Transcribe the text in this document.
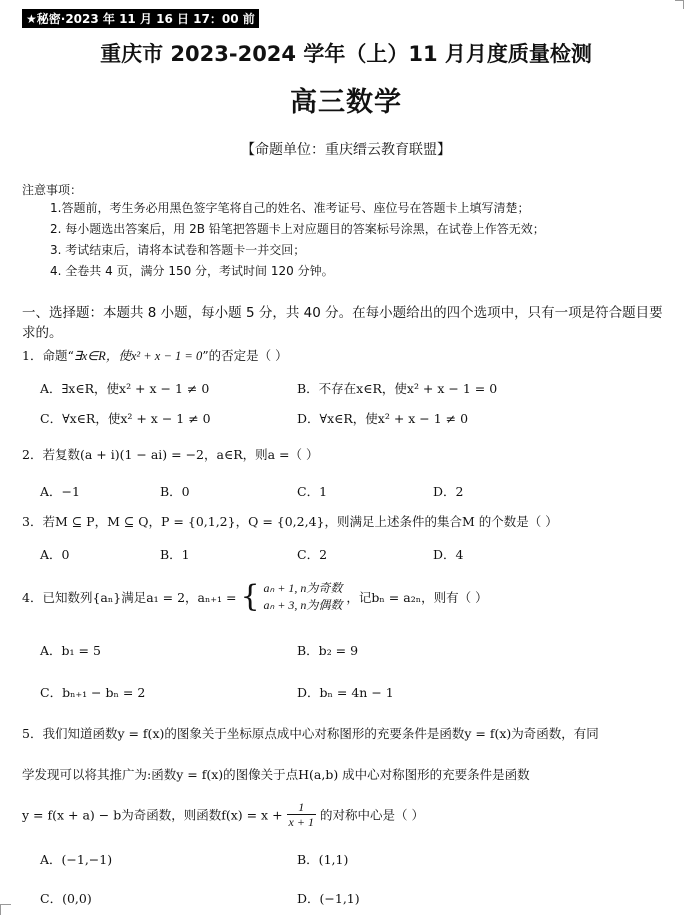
★秘密·2023 年 11 月 16 日 17：00 前
重庆市 2023-2024 学年（上）11 月月度质量检测
高三数学
【命题单位：重庆缙云教育联盟】
注意事项：
1.答题前，考生务必用黑色签字笔将自己的姓名、准考证号、座位号在答题卡上填写清楚；
2. 每小题选出答案后，用 2B 铅笔把答题卡上对应题目的答案标号涂黑，在试卷上作答无效；
3. 考试结束后，请将本试卷和答题卡一并交回；
4. 全卷共 4 页，满分 150 分，考试时间 120 分钟。
一、选择题：本题共 8 小题，每小题 5 分，共 40 分。在每小题给出的四个选项中，只有一项是符合题目要求的。
1．命题“∃x∈R，使x² + x − 1 = 0”的否定是（ ）
A．∃x∈R，使x² + x − 1 ≠ 0	B．不存在x∈R，使x² + x − 1 = 0
C．∀x∈R，使x² + x − 1 ≠ 0	D．∀x∈R，使x² + x − 1 ≠ 0
2．若复数(a + i)(1 − ai) = −2，a∈R，则a =（ ）
A．−1	B．0	C．1	D．2
3．若M ⊆ P，M ⊆ Q，P = {0,1,2}，Q = {0,2,4}，则满足上述条件的集合M 的个数是（ ）
A．0	B．1	C．2	D．4
4．已知数列{aₙ}满足a₁ = 2，aₙ₊₁ = { aₙ + 1, n为奇数
aₙ + 3, n为偶数 ，记bₙ = a₂ₙ，则有（ ）
A．b₁ = 5	B．b₂ = 9
C．bₙ₊₁ − bₙ = 2	D．bₙ = 4n − 1
5．我们知道函数y = f(x)的图象关于坐标原点成中心对称图形的充要条件是函数y = f(x)为奇函数，有同
学发现可以将其推广为:函数y = f(x)的图像关于点H(a,b) 成中心对称图形的充要条件是函数
y = f(x + a) − b为奇函数，则函数$f(x) = x + \frac{1}{x + 1}$ 的对称中心是（ ）
A．(−1,−1)	B．(1,1)
C．(0,0)	D．(−1,1)
